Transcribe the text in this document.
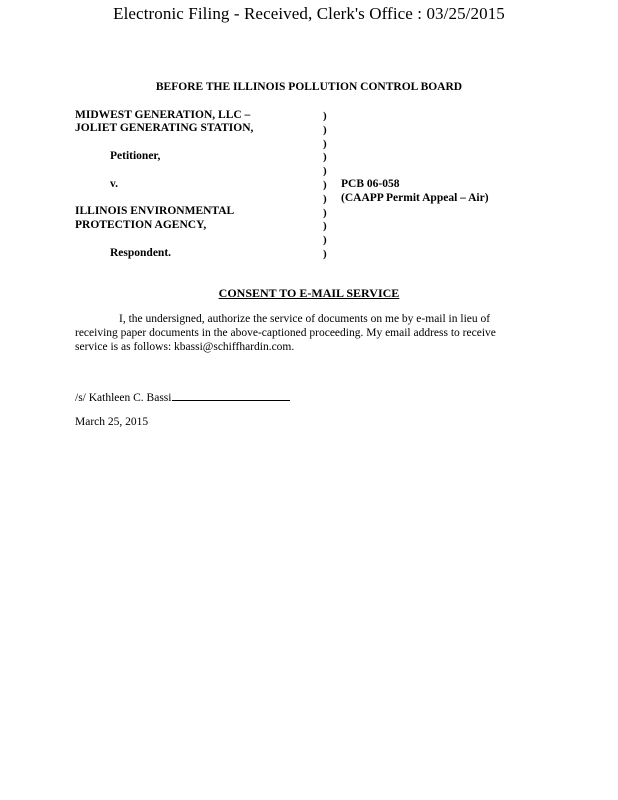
Electronic Filing - Received, Clerk's Office : 03/25/2015
BEFORE THE ILLINOIS POLLUTION CONTROL BOARD
MIDWEST GENERATION, LLC –
JOLIET GENERATING STATION,
Petitioner,
v.
ILLINOIS ENVIRONMENTAL
PROTECTION AGENCY,
Respondent.
)
)
)
)
)
)
)
)
)
)
)
PCB 06-058
(CAAPP Permit Appeal – Air)
CONSENT TO E-MAIL SERVICE
I, the undersigned, authorize the service of documents on me by e-mail in lieu of receiving paper documents in the above-captioned proceeding. My email address to receive service is as follows: kbassi@schiffhardin.com.
/s/ Kathleen C. Bassi
March 25, 2015
